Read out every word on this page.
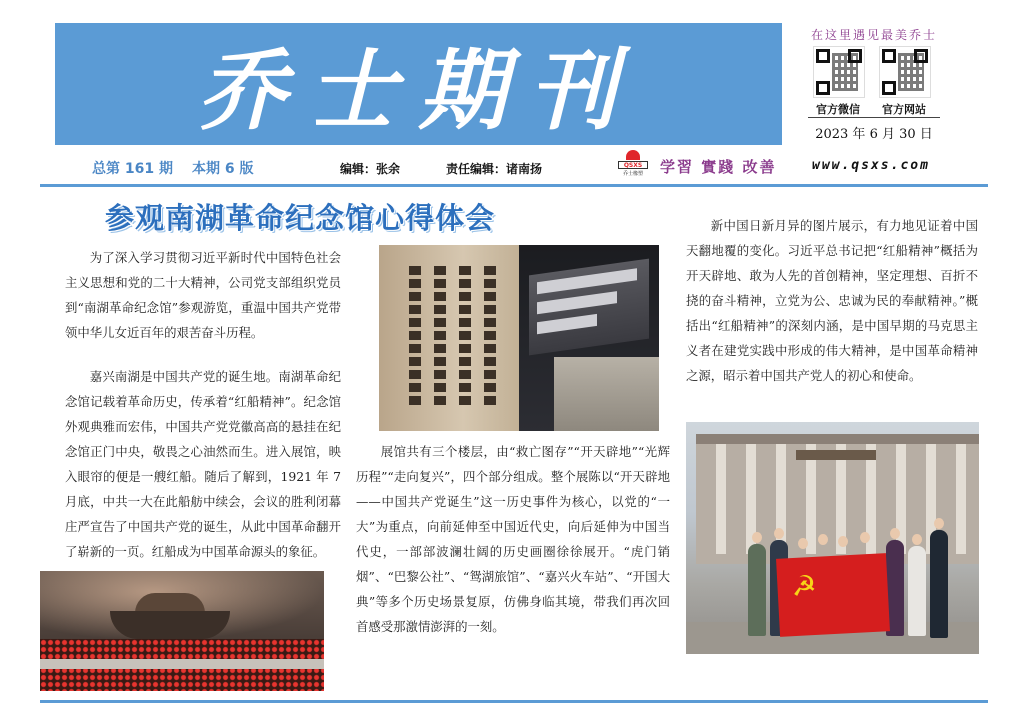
乔士期刊
在这里遇见最美乔士
官方微信	官方网站
2023 年 6 月 30 日
总第 161 期 本期 6 版	编辑：张余	责任编辑：诸南扬	QSXS
乔士橡塑	学習 實踐 改善	www.qsxs.com
参观南湖革命纪念馆心得体会

为了深入学习贯彻习近平新时代中国特色社会主义思想和党的二十大精神，公司党支部组织党员到“南湖革命纪念馆”参观游览，重温中国共产党带领中华儿女近百年的艰苦奋斗历程。

嘉兴南湖是中国共产党的诞生地。南湖革命纪念馆记载着革命历史，传承着“红船精神”。纪念馆外观典雅而宏伟，中国共产党党徽高高的悬挂在纪念馆正门中央，敬畏之心油然而生。进入展馆，映入眼帘的便是一艘红船。随后了解到，1921 年 7 月底，中共一大在此船舫中续会，会议的胜利闭幕庄严宣告了中国共产党的诞生，从此中国革命翻开了崭新的一页。红船成为中国革命源头的象征。

展馆共有三个楼层，由“救亡图存”“开天辟地”“光辉历程”“走向复兴”，四个部分组成。整个展陈以“开天辟地——中国共产党诞生”这一历史事件为核心，以党的“一大”为重点，向前延伸至中国近代史，向后延伸为中国当代史，一部部波澜壮阔的历史画圈徐徐展开。“虎门销烟”、“巴黎公社”、“鸳湖旅馆”、“嘉兴火车站”、“开国大典”等多个历史场景复原，仿佛身临其境，带我们再次回首感受那激情澎湃的一刻。

新中国日新月异的图片展示，有力地见证着中国天翻地覆的变化。习近平总书记把“红船精神”概括为开天辟地、敢为人先的首创精神，坚定理想、百折不挠的奋斗精神，立党为公、忠诚为民的奉献精神。”概括出“红船精神”的深刻内涵，是中国早期的马克思主义者在建党实践中形成的伟大精神，是中国革命精神之源，昭示着中国共产党人的初心和使命。

☭
